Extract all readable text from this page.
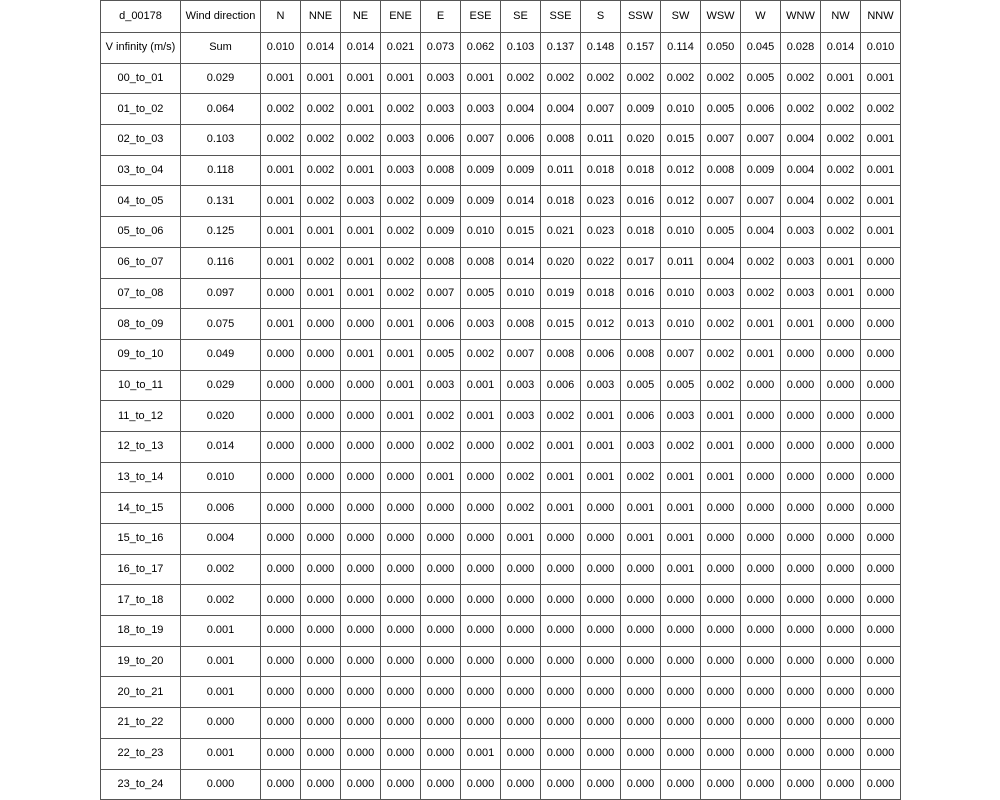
d_00178	Wind direction	N	NNE	NE	ENE	E	ESE	SE	SSE	S	SSW	SW	WSW	W	WNW	NW	NNW
V infinity (m/s)	Sum	0.010	0.014	0.014	0.021	0.073	0.062	0.103	0.137	0.148	0.157	0.114	0.050	0.045	0.028	0.014	0.010
00_to_01	0.029	0.001	0.001	0.001	0.001	0.003	0.001	0.002	0.002	0.002	0.002	0.002	0.002	0.005	0.002	0.001	0.001
01_to_02	0.064	0.002	0.002	0.001	0.002	0.003	0.003	0.004	0.004	0.007	0.009	0.010	0.005	0.006	0.002	0.002	0.002
02_to_03	0.103	0.002	0.002	0.002	0.003	0.006	0.007	0.006	0.008	0.011	0.020	0.015	0.007	0.007	0.004	0.002	0.001
03_to_04	0.118	0.001	0.002	0.001	0.003	0.008	0.009	0.009	0.011	0.018	0.018	0.012	0.008	0.009	0.004	0.002	0.001
04_to_05	0.131	0.001	0.002	0.003	0.002	0.009	0.009	0.014	0.018	0.023	0.016	0.012	0.007	0.007	0.004	0.002	0.001
05_to_06	0.125	0.001	0.001	0.001	0.002	0.009	0.010	0.015	0.021	0.023	0.018	0.010	0.005	0.004	0.003	0.002	0.001
06_to_07	0.116	0.001	0.002	0.001	0.002	0.008	0.008	0.014	0.020	0.022	0.017	0.011	0.004	0.002	0.003	0.001	0.000
07_to_08	0.097	0.000	0.001	0.001	0.002	0.007	0.005	0.010	0.019	0.018	0.016	0.010	0.003	0.002	0.003	0.001	0.000
08_to_09	0.075	0.001	0.000	0.000	0.001	0.006	0.003	0.008	0.015	0.012	0.013	0.010	0.002	0.001	0.001	0.000	0.000
09_to_10	0.049	0.000	0.000	0.001	0.001	0.005	0.002	0.007	0.008	0.006	0.008	0.007	0.002	0.001	0.000	0.000	0.000
10_to_11	0.029	0.000	0.000	0.000	0.001	0.003	0.001	0.003	0.006	0.003	0.005	0.005	0.002	0.000	0.000	0.000	0.000
11_to_12	0.020	0.000	0.000	0.000	0.001	0.002	0.001	0.003	0.002	0.001	0.006	0.003	0.001	0.000	0.000	0.000	0.000
12_to_13	0.014	0.000	0.000	0.000	0.000	0.002	0.000	0.002	0.001	0.001	0.003	0.002	0.001	0.000	0.000	0.000	0.000
13_to_14	0.010	0.000	0.000	0.000	0.000	0.001	0.000	0.002	0.001	0.001	0.002	0.001	0.001	0.000	0.000	0.000	0.000
14_to_15	0.006	0.000	0.000	0.000	0.000	0.000	0.000	0.002	0.001	0.000	0.001	0.001	0.000	0.000	0.000	0.000	0.000
15_to_16	0.004	0.000	0.000	0.000	0.000	0.000	0.000	0.001	0.000	0.000	0.001	0.001	0.000	0.000	0.000	0.000	0.000
16_to_17	0.002	0.000	0.000	0.000	0.000	0.000	0.000	0.000	0.000	0.000	0.000	0.001	0.000	0.000	0.000	0.000	0.000
17_to_18	0.002	0.000	0.000	0.000	0.000	0.000	0.000	0.000	0.000	0.000	0.000	0.000	0.000	0.000	0.000	0.000	0.000
18_to_19	0.001	0.000	0.000	0.000	0.000	0.000	0.000	0.000	0.000	0.000	0.000	0.000	0.000	0.000	0.000	0.000	0.000
19_to_20	0.001	0.000	0.000	0.000	0.000	0.000	0.000	0.000	0.000	0.000	0.000	0.000	0.000	0.000	0.000	0.000	0.000
20_to_21	0.001	0.000	0.000	0.000	0.000	0.000	0.000	0.000	0.000	0.000	0.000	0.000	0.000	0.000	0.000	0.000	0.000
21_to_22	0.000	0.000	0.000	0.000	0.000	0.000	0.000	0.000	0.000	0.000	0.000	0.000	0.000	0.000	0.000	0.000	0.000
22_to_23	0.001	0.000	0.000	0.000	0.000	0.000	0.001	0.000	0.000	0.000	0.000	0.000	0.000	0.000	0.000	0.000	0.000
23_to_24	0.000	0.000	0.000	0.000	0.000	0.000	0.000	0.000	0.000	0.000	0.000	0.000	0.000	0.000	0.000	0.000	0.000
